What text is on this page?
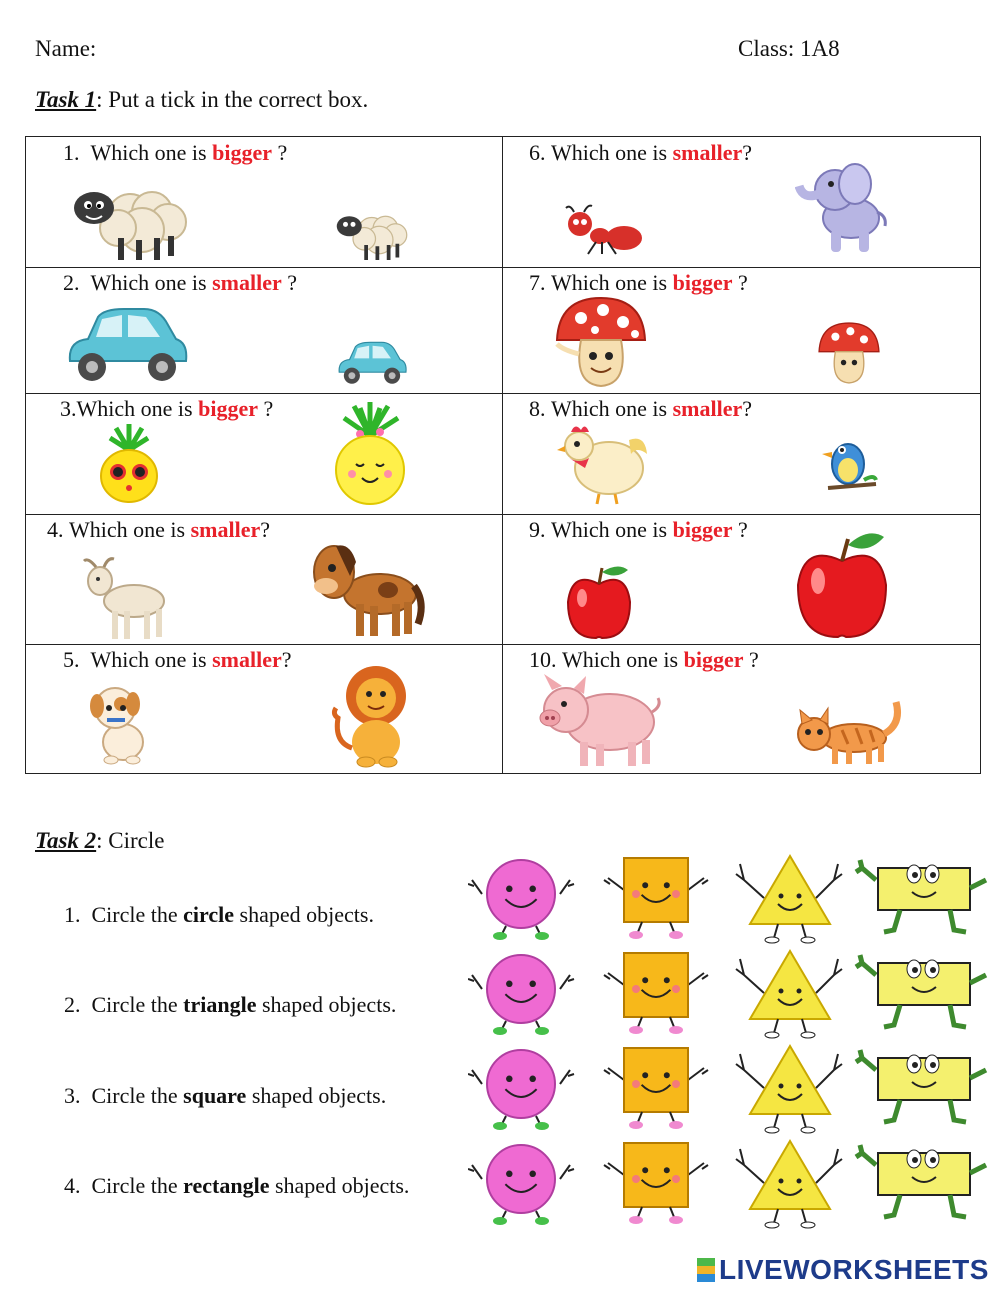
Name:	Class: 1A8
Task 1: Put a tick in the correct box.
1. Which one is bigger ?
2. Which one is smaller ?
3.Which one is bigger ?
4. Which one is smaller?
5. Which one is smaller?
6. Which one is smaller?
7. Which one is bigger ?
8. Which one is smaller?
9. Which one is bigger ?
10. Which one is bigger ?
Task 2: Circle
1. Circle the circle shaped objects.
2. Circle the triangle shaped objects.
3. Circle the square shaped objects.
4. Circle the rectangle shaped objects.
LIVEWORKSHEETS
